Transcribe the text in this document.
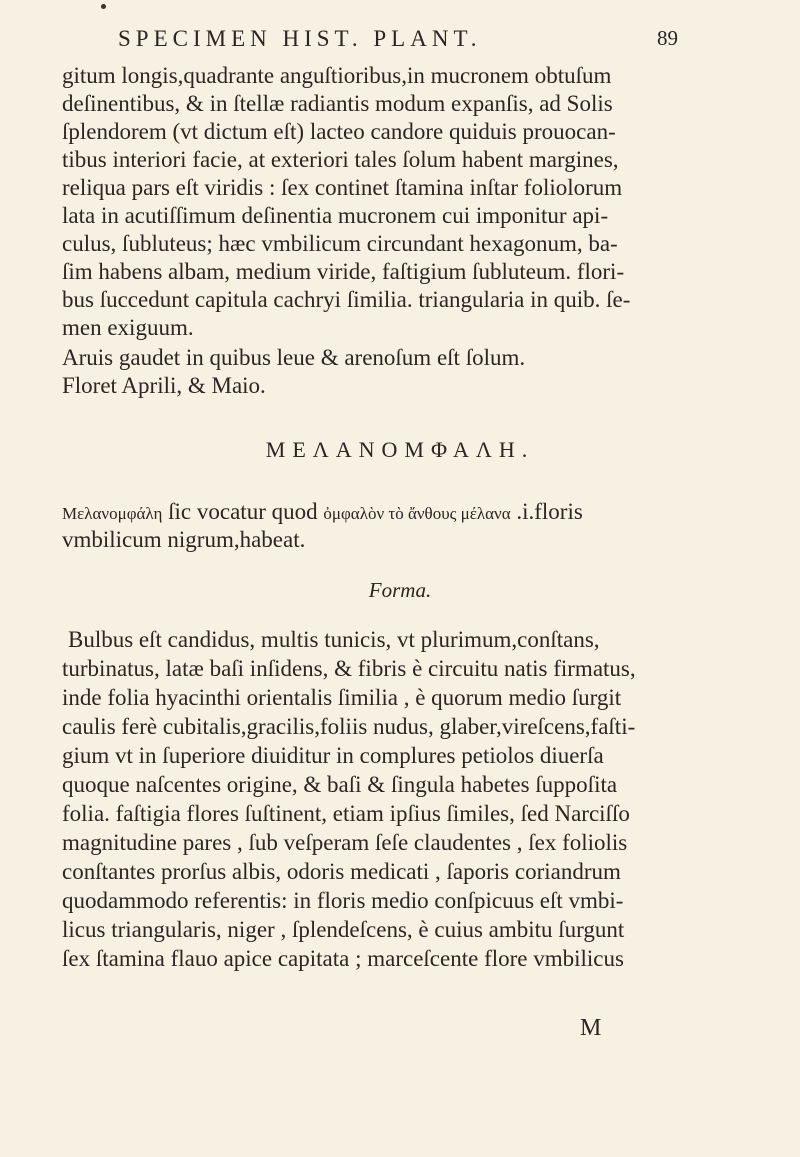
SPECIMEN HIST. PLANT.	89
gitum longis,quadrante anguſtioribus,in mucronem obtuſum
deſinentibus, & in ſtellæ radiantis modum expanſis, ad Solis
ſplendorem (vt dictum eſt) lacteo candore quiduis prouocan-
tibus interiori facie, at exteriori tales ſolum habent margines,
reliqua pars eſt viridis : ſex continet ſtamina inſtar foliolorum
lata in acutiſſimum deſinentia mucronem cui imponitur api-
culus, ſubluteus; hæc vmbilicum circundant hexagonum, ba-
ſim habens albam, medium viride, faſtigium ſubluteum. flori-
bus ſuccedunt capitula cachryi ſimilia. triangularia in quib. ſe-
men exiguum.
Aruis gaudet in quibus leue & arenoſum eſt ſolum.
Floret Aprili, & Maio.
ΜΕΛΑΝΟΜΦΑΛΗ.
Μελανομφάλη ſic vocatur quod ὀμφαλὸν τὸ ἄνθους μέλανα .i.floris
vmbilicum nigrum,habeat.
Forma.
Bulbus eſt candidus, multis tunicis, vt plurimum,conſtans,
turbinatus, latæ baſi inſidens, & fibris è circuitu natis firmatus,
inde folia hyacinthi orientalis ſimilia , è quorum medio ſurgit
caulis ferè cubitalis,gracilis,foliis nudus, glaber,vireſcens,faſti-
gium vt in ſuperiore diuiditur in complures petiolos diuerſa
quoque naſcentes origine, & baſi & ſingula habetes ſuppoſita
folia. faſtigia flores ſuſtinent, etiam ipſius ſimiles, ſed Narciſſo
magnitudine pares , ſub veſperam ſeſe claudentes , ſex foliolis
conſtantes prorſus albis, odoris medicati , ſaporis coriandrum
quodammodo referentis: in floris medio conſpicuus eſt vmbi-
licus triangularis, niger , ſplendeſcens, è cuius ambitu ſurgunt
ſex ſtamina flauo apice capitata ; marceſcente flore vmbilicus
M
